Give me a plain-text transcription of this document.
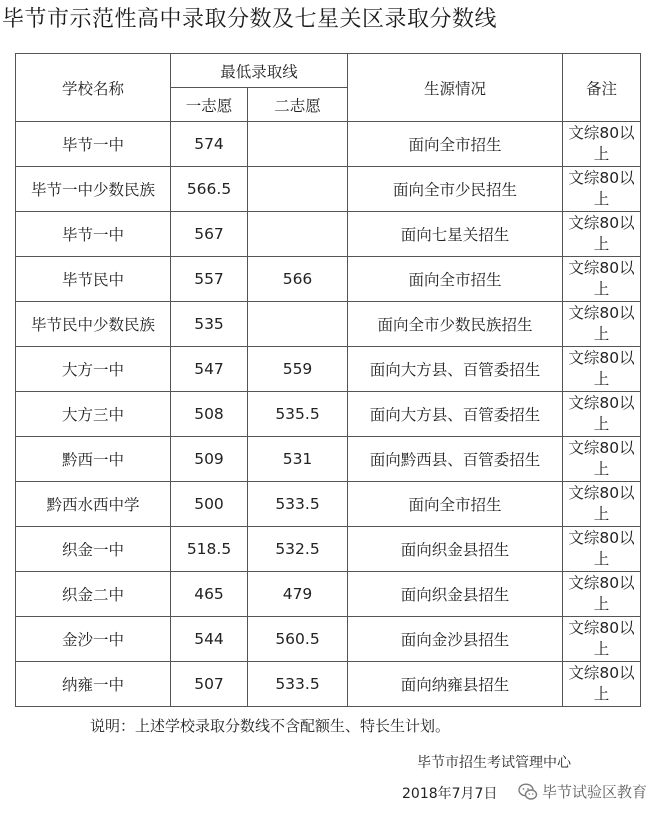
毕节市示范性高中录取分数及七星关区录取分数线
学校名称	最低录取线		生源情况	备注
	一志愿	二志愿		
毕节一中	574		面向全市招生	文综80以上
毕节一中少数民族	566.5		面向全市少民招生	文综80以上
毕节一中	567		面向七星关招生	文综80以上
毕节民中	557	566	面向全市招生	文综80以上
毕节民中少数民族	535		面向全市少数民族招生	文综80以上
大方一中	547	559	面向大方县、百管委招生	文综80以上
大方三中	508	535.5	面向大方县、百管委招生	文综80以上
黔西一中	509	531	面向黔西县、百管委招生	文综80以上
黔西水西中学	500	533.5	面向全市招生	文综80以上
织金一中	518.5	532.5	面向织金县招生	文综80以上
织金二中	465	479	面向织金县招生	文综80以上
金沙一中	544	560.5	面向金沙县招生	文综80以上
纳雍一中	507	533.5	面向纳雍县招生	文综80以上
说明：上述学校录取分数线不含配额生、特长生计划。
毕节市招生考试管理中心
2018年7月7日	毕节试验区教育
